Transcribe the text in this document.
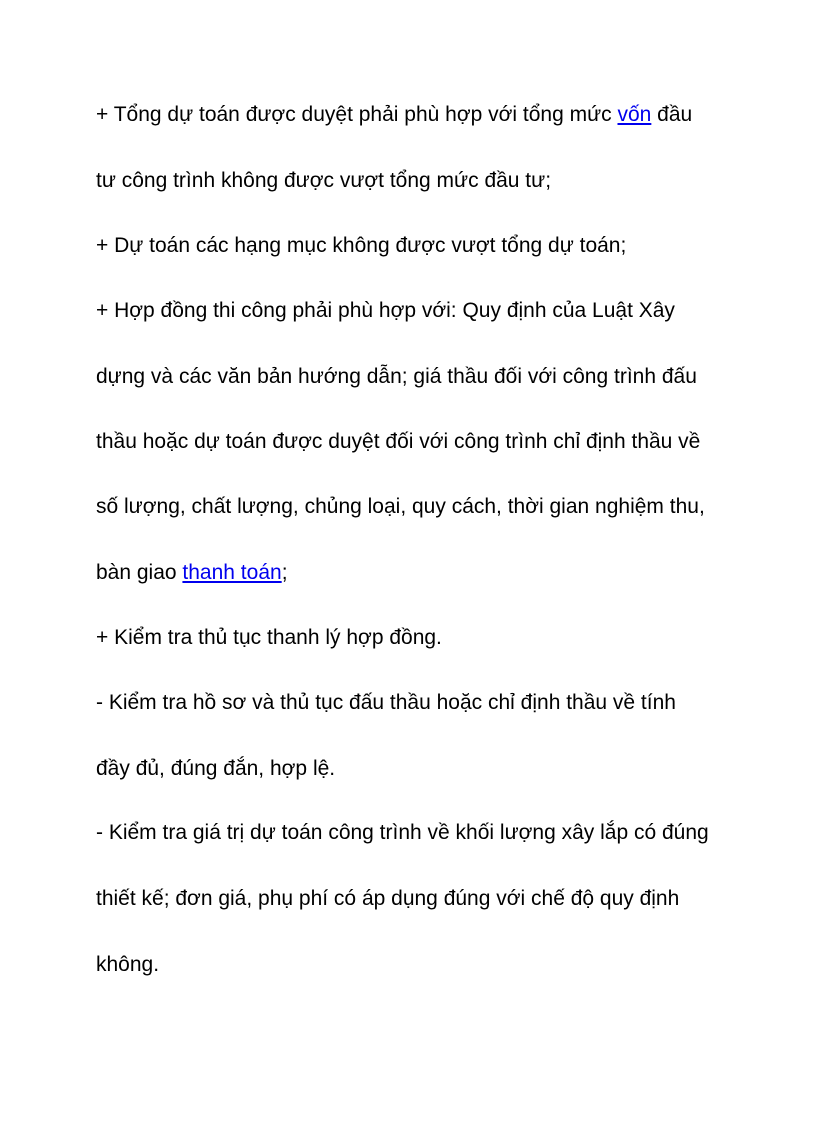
+ Tổng dự toán được duyệt phải phù hợp với tổng mức vốn đầu

tư công trình không được vượt tổng mức đầu tư;

+ Dự toán các hạng mục không được vượt tổng dự toán;

+ Hợp đồng thi công phải phù hợp với: Quy định của Luật Xây

dựng và các văn bản hướng dẫn; giá thầu đối với công trình đấu

thầu hoặc dự toán được duyệt đối với công trình chỉ định thầu về

số lượng, chất lượng, chủng loại, quy cách, thời gian nghiệm thu,

bàn giao thanh toán;

+ Kiểm tra thủ tục thanh lý hợp đồng.

- Kiểm tra hồ sơ và thủ tục đấu thầu hoặc chỉ định thầu về tính

đầy đủ, đúng đắn, hợp lệ.

- Kiểm tra giá trị dự toán công trình về khối lượng xây lắp có đúng

thiết kế; đơn giá, phụ phí có áp dụng đúng với chế độ quy định

không.
